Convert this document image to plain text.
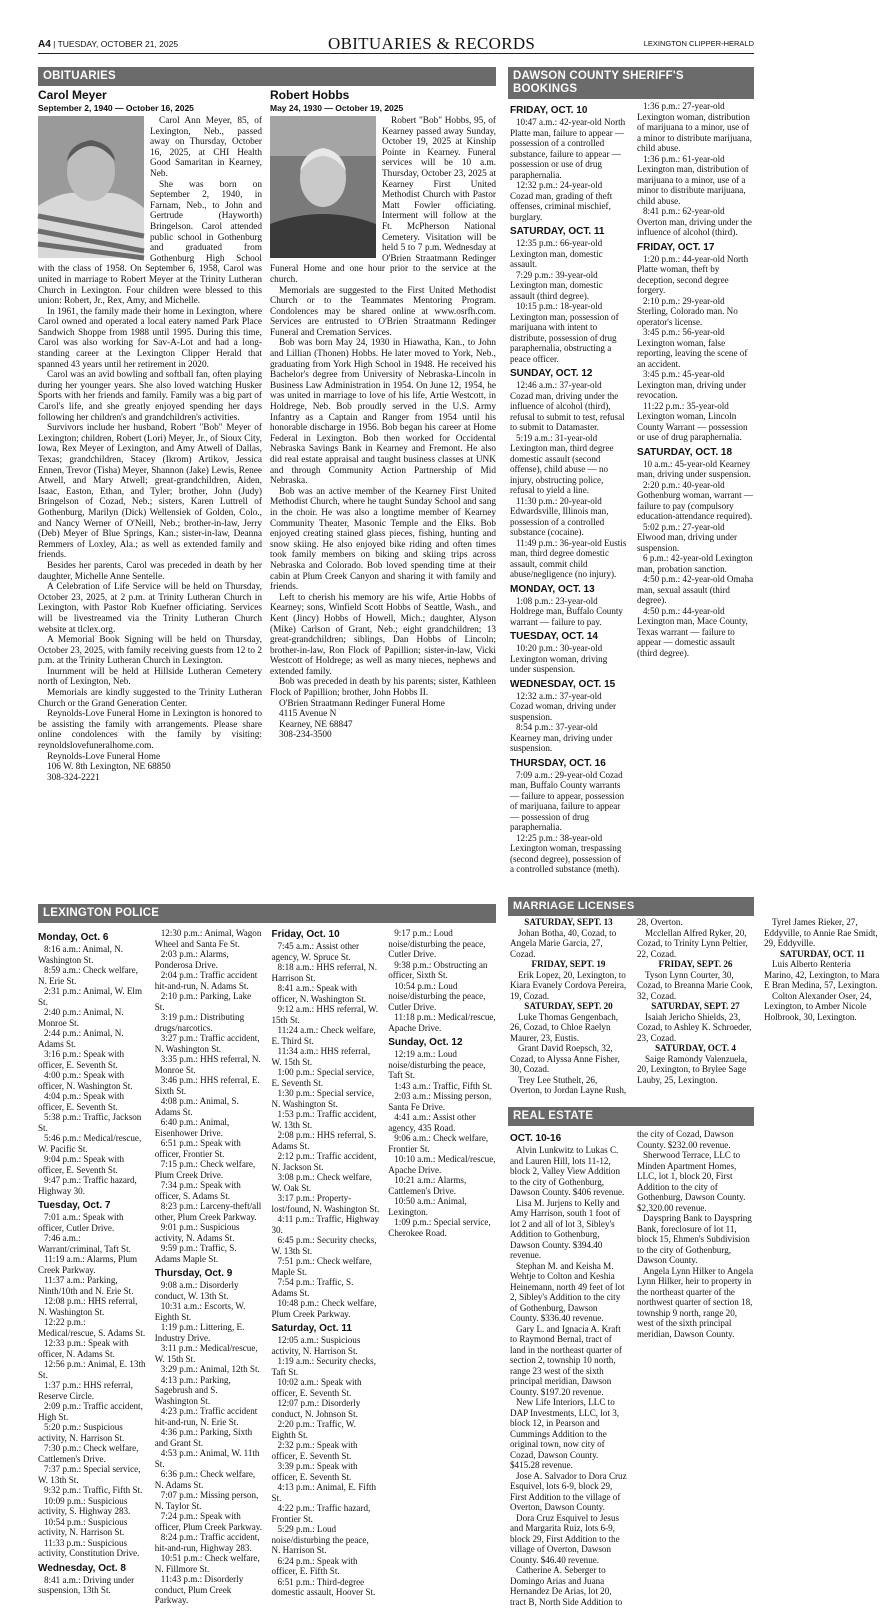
A4 | TUESDAY, OCTOBER 21, 2025	OBITUARIES & RECORDS	LEXINGTON CLIPPER-HERALD
OBITUARIES
Carol Meyer
September 2, 1940 — October 16, 2025

Carol Ann Meyer, 85, of Lexington, Neb., passed away on Thursday, October 16, 2025, at CHI Health Good Samaritan in Kearney, Neb.

She was born on September 2, 1940, in Farnam, Neb., to John and Gertrude (Hayworth) Bringelson. Carol attended public school in Gothenburg and graduated from Gothenburg High School with the class of 1958. On September 6, 1958, Carol was united in marriage to Robert Meyer at the Trinity Lutheran Church in Lexington. Four children were blessed to this union: Robert, Jr., Rex, Amy, and Michelle.

In 1961, the family made their home in Lexington, where Carol owned and operated a local eatery named Park Place Sandwich Shoppe from 1988 until 1995. During this time, Carol was also working for Sav-A-Lot and had a long-standing career at the Lexington Clipper Herald that spanned 43 years until her retirement in 2020.

Carol was an avid bowling and softball fan, often playing during her younger years. She also loved watching Husker Sports with her friends and family. Family was a big part of Carol's life, and she greatly enjoyed spending her days following her children's and grandchildren's activities.

Survivors include her husband, Robert "Bob" Meyer of Lexington; children, Robert (Lori) Meyer, Jr., of Sioux City, Iowa, Rex Meyer of Lexington, and Amy Atwell of Dallas, Texas; grandchildren, Stacey (Ikrom) Artikov, Jessica Ennen, Trevor (Tisha) Meyer, Shannon (Jake) Lewis, Renee Atwell, and Mary Atwell; great-grandchildren, Aiden, Isaac, Easton, Ethan, and Tyler; brother, John (Judy) Bringelson of Cozad, Neb.; sisters, Karen Luttrell of Gothenburg, Marilyn (Dick) Wellensiek of Golden, Colo., and Nancy Werner of O'Neill, Neb.; brother-in-law, Jerry (Deb) Meyer of Blue Springs, Kan.; sister-in-law, Deanna Remmers of Loxley, Ala.; as well as extended family and friends.

Besides her parents, Carol was preceded in death by her daughter, Michelle Anne Sentelle.

A Celebration of Life Service will be held on Thursday, October 23, 2025, at 2 p.m. at Trinity Lutheran Church in Lexington, with Pastor Rob Kuefner officiating. Services will be livestreamed via the Trinity Lutheran Church website at tlclex.org.

A Memorial Book Signing will be held on Thursday, October 23, 2025, with family receiving guests from 12 to 2 p.m. at the Trinity Lutheran Church in Lexington.

Inurnment will be held at Hillside Lutheran Cemetery north of Lexington, Neb.

Memorials are kindly suggested to the Trinity Lutheran Church or the Grand Generation Center.

Reynolds-Love Funeral Home in Lexington is honored to be assisting the family with arrangements. Please share online condolences with the family by visiting: reynoldslovefuneralhome.com.

Reynolds-Love Funeral Home

106 W. 8th Lexington, NE 68850

308-324-2221

Robert Hobbs
May 24, 1930 — October 19, 2025

Robert "Bob" Hobbs, 95, of Kearney passed away Sunday, October 19, 2025 at Kinship Pointe in Kearney. Funeral services will be 10 a.m. Thursday, October 23, 2025 at Kearney First United Methodist Church with Pastor Matt Fowler officiating. Interment will follow at the Ft. McPherson National Cemetery. Visitation will be held 5 to 7 p.m. Wednesday at O'Brien Straatmann Redinger Funeral Home and one hour prior to the service at the church.

Memorials are suggested to the First United Methodist Church or to the Teammates Mentoring Program. Condolences may be shared online at www.osrfh.com. Services are entrusted to O'Brien Straatmann Redinger Funeral and Cremation Services.

Bob was born May 24, 1930 in Hiawatha, Kan., to John and Lillian (Thonen) Hobbs. He later moved to York, Neb., graduating from York High School in 1948. He received his Bachelor's degree from University of Nebraska-Lincoln in Business Law Administration in 1954. On June 12, 1954, he was united in marriage to love of his life, Artie Westcott, in Holdrege, Neb. Bob proudly served in the U.S. Army Infantry as a Captain and Ranger from 1954 until his honorable discharge in 1956. Bob began his career at Home Federal in Lexington. Bob then worked for Occidental Nebraska Savings Bank in Kearney and Fremont. He also did real estate appraisal and taught business classes at UNK and through Community Action Partnership of Mid Nebraska.

Bob was an active member of the Kearney First United Methodist Church, where he taught Sunday School and sang in the choir. He was also a longtime member of Kearney Community Theater, Masonic Temple and the Elks. Bob enjoyed creating stained glass pieces, fishing, hunting and snow skiing. He also enjoyed bike riding and often times took family members on biking and skiing trips across Nebraska and Colorado. Bob loved spending time at their cabin at Plum Creek Canyon and sharing it with family and friends.

Left to cherish his memory are his wife, Artie Hobbs of Kearney; sons, Winfield Scott Hobbs of Seattle, Wash., and Kent (Jincy) Hobbs of Howell, Mich.; daughter, Alyson (Mike) Carlson of Grant, Neb.; eight grandchildren; 13 great-grandchildren; siblings, Dan Hobbs of Lincoln; brother-in-law, Ron Flock of Papillion; sister-in-law, Vicki Westcott of Holdrege; as well as many nieces, nephews and extended family.

Bob was preceded in death by his parents; sister, Kathleen Flock of Papillion; brother, John Hobbs II.

O'Brien Straatmann Redinger Funeral Home

4115 Avenue N

Kearney, NE 68847

308-234-3500

DAWSON COUNTY SHERIFF'S BOOKINGS
FRIDAY, OCT. 10
10:47 a.m.: 42-year-old North Platte man, failure to appear — possession of a controlled substance, failure to appear — possession or use of drug paraphernalia.
12:32 p.m.: 24-year-old Cozad man, grading of theft offenses, criminal mischief, burglary.
SATURDAY, OCT. 11
12:35 p.m.: 66-year-old Lexington man, domestic assault.
7:29 p.m.: 39-year-old Lexington man, domestic assault (third degree).
10:15 p.m.: 18-year-old Lexington man, possession of marijuana with intent to distribute, possession of drug paraphernalia, obstructing a peace officer.
SUNDAY, OCT. 12
12:46 a.m.: 37-year-old Cozad man, driving under the influence of alcohol (third), refusal to submit to test, refusal to submit to Datamaster.
5:19 a.m.: 31-year-old Lexington man, third degree domestic assault (second offense), child abuse — no injury, obstructing police, refusal to yield a line.
11:30 p.m.: 20-year-old Edwardsville, Illinois man, possession of a controlled substance (cocaine).
11:49 p.m.: 36-year-old Eustis man, third degree domestic assault, commit child abuse/negligence (no injury).
MONDAY, OCT. 13
1:08 p.m.: 23-year-old Holdrege man, Buffalo County warrant — failure to pay.
TUESDAY, OCT. 14
10:20 p.m.: 30-year-old Lexington woman, driving under suspension.
WEDNESDAY, OCT. 15
12:32 a.m.: 37-year-old Cozad woman, driving under suspension.
8:54 p.m.: 37-year-old Kearney man, driving under suspension.
THURSDAY, OCT. 16
7:09 a.m.: 29-year-old Cozad man, Buffalo County warrants — failure to appear, possession of marijuana, failure to appear — possession of drug paraphernalia.
12:25 p.m.: 38-year-old Lexington woman, trespassing (second degree), possession of a controlled substance (meth).
1:36 p.m.: 27-year-old Lexington woman, distribution of marijuana to a minor, use of a minor to distribute marijuana, child abuse.
1:36 p.m.: 61-year-old Lexington man, distribution of marijuana to a minor, use of a minor to distribute marijuana, child abuse.
8:41 p.m.: 62-year-old Overton man, driving under the influence of alcohol (third).
FRIDAY, OCT. 17
1:20 p.m.: 44-year-old North Platte woman, theft by deception, second degree forgery.
2:10 p.m.: 29-year-old Sterling, Colorado man. No operator's license.
3:45 p.m.: 56-year-old Lexington woman, false reporting, leaving the scene of an accident.
3:45 p.m.: 45-year-old Lexington man, driving under revocation.
11:22 p.m.: 35-year-old Lexington woman, Lincoln County Warrant — possession or use of drug paraphernalia.
SATURDAY, OCT. 18
10 a.m.: 45-year-old Kearney man, driving under suspension.
2:20 p.m.: 40-year-old Gothenburg woman, warrant — failure to pay (compulsory education-attendance required).
5:02 p.m.: 27-year-old Elwood man, driving under suspension.
6 p.m.: 42-year-old Lexington man, probation sanction.
4:50 p.m.: 42-year-old Omaha man, sexual assault (third degree).
4:50 p.m.: 44-year-old Lexington man, Mace County, Texas warrant — failure to appear — domestic assault (third degree).
MARRIAGE LICENSES
SATURDAY, SEPT. 13
Johan Botha, 40, Cozad, to Angela Marie Garcia, 27, Cozad.
FRIDAY, SEPT. 19
Erik Lopez, 20, Lexington, to Kiara Evanely Cordova Pereira, 19, Cozad.
SATURDAY, SEPT. 20
Luke Thomas Gengenbach, 26, Cozad, to Chloe Raelyn Maurer, 23, Eustis.
Grant David Roepsch, 32, Cozad, to Alyssa Anne Fisher, 30, Cozad.
Trey Lee Stuthelt, 26, Overton, to Jordan Layne Rush, 28, Overton.
Mcclellan Alfred Ryker, 20, Cozad, to Trinity Lynn Peltier, 22, Cozad.
FRIDAY, SEPT. 26
Tyson Lynn Courter, 30, Cozad, to Breanna Marie Cook, 32, Cozad.
SATURDAY, SEPT. 27
Isaiah Jericho Shields, 23, Cozad, to Ashley K. Schroeder, 23, Cozad.
SATURDAY, OCT. 4
Saige Ramondy Valenzuela, 20, Lexington, to Brylee Sage Lauby, 25, Lexington.
Tyrel James Rieker, 27, Eddyville, to Annie Rae Smidt, 29, Eddyville.
SATURDAY, OCT. 11
Luis Alberto Renteria Marino, 42, Lexington, to Mara E Bran Medina, 57, Lexington.
Colton Alexander Oser, 24, Lexington, to Amber Nicole Holbrook, 30, Lexington.
LEXINGTON POLICE
Monday, Oct. 6
8:16 a.m.: Animal, N. Washington St.
8:59 a.m.: Check welfare, N. Erie St.
2:31 p.m.: Animal, W. Elm St.
2:40 p.m.: Animal, N. Monroe St.
2:44 p.m.: Animal, N. Adams St.
3:16 p.m.: Speak with officer, E. Seventh St.
4:00 p.m.: Speak with officer, N. Washington St.
4:04 p.m.: Speak with officer, E. Seventh St.
5:38 p.m.: Traffic, Jackson St.
5:46 p.m.: Medical/rescue, W. Pacific St.
9:04 p.m.: Speak with officer, E. Seventh St.
9:47 p.m.: Traffic hazard, Highway 30.
Tuesday, Oct. 7
7:01 a.m.: Speak with officer, Cutler Drive.
7:46 a.m.: Warrant/criminal, Taft St.
11:19 a.m.: Alarms, Plum Creek Parkway.
11:37 a.m.: Parking, Ninth/10th and N. Erie St.
12:08 p.m.: HHS referral, N. Washington St.
12:22 p.m.: Medical/rescue, S. Adams St.
12:33 p.m.: Speak with officer, N. Adams St.
12:56 p.m.: Animal, E. 13th St.
1:37 p.m.: HHS referral, Reserve Circle.
2:09 p.m.: Traffic accident, High St.
5:20 p.m.: Suspicious activity, N. Harrison St.
7:30 p.m.: Check welfare, Cattlemen's Drive.
7:37 p.m.: Special service, W. 13th St.
9:32 p.m.: Traffic, Fifth St.
10:09 p.m.: Suspicious activity, S. Highway 283.
10:54 p.m.: Suspicious activity, N. Harrison St.
11:33 p.m.: Suspicious activity, Constitution Drive.
Wednesday, Oct. 8
8:41 a.m.: Driving under suspension, 13th St.
12:30 p.m.: Animal, Wagon Wheel and Santa Fe St.
2:03 p.m.: Alarms, Ponderosa Drive.
2:04 p.m.: Traffic accident hit-and-run, N. Adams St.
2:10 p.m.: Parking, Lake St.
3:19 p.m.: Distributing drugs/narcotics.
3:27 p.m.: Traffic accident, N. Washington St.
3:35 p.m.: HHS referral, N. Monroe St.
3:46 p.m.: HHS referral, E. Sixth St.
4:08 p.m.: Animal, S. Adams St.
6:40 p.m.: Animal, Eisenhower Drive.
6:51 p.m.: Speak with officer, Frontier St.
7:15 p.m.: Check welfare, Plum Creek Drive.
7:34 p.m.: Speak with officer, S. Adams St.
8:23 p.m.: Larceny-theft/all other, Plum Creek Parkway.
9:01 p.m.: Suspicious activity, N. Adams St.
9:59 p.m.: Traffic, S. Adams Maple St.
Thursday, Oct. 9
9:08 a.m.: Disorderly conduct, W. 13th St.
10:31 a.m.: Escorts, W. Eighth St.
1:19 p.m.: Littering, E. Industry Drive.
3:11 p.m.: Medical/rescue, W. 15th St.
3:29 p.m.: Animal, 12th St.
4:13 p.m.: Parking, Sagebrush and S. Washington St.
4:23 p.m.: Traffic accident hit-and-run, N. Erie St.
4:36 p.m.: Parking, Sixth and Grant St.
4:53 p.m.: Animal, W. 11th St.
6:36 p.m.: Check welfare, N. Adams St.
7:07 p.m.: Missing person, N. Taylor St.
7:24 p.m.: Speak with officer, Plum Creek Parkway.
8:24 p.m.: Traffic accident, hit-and-run, Highway 283.
10:51 p.m.: Check welfare, N. Fillmore St.
11:43 p.m.: Disorderly conduct, Plum Creek Parkway.
Friday, Oct. 10
7:45 a.m.: Assist other agency, W. Spruce St.
8:18 a.m.: HHS referral, N. Harrison St.
8:41 a.m.: Speak with officer, N. Washington St.
9:12 a.m.: HHS referral, W. 15th St.
11:24 a.m.: Check welfare, E. Third St.
11:34 a.m.: HHS referral, W. 15th St.
1:00 p.m.: Special service, E. Seventh St.
1:30 p.m.: Special service, N. Washington St.
1:53 p.m.: Traffic accident, W. 13th St.
2:08 p.m.: HHS referral, S. Adams St.
2:12 p.m.: Traffic accident, N. Jackson St.
3:08 p.m.: Check welfare, W. Oak St.
3:17 p.m.: Property-lost/found, N. Washington St.
4:11 p.m.: Traffic, Highway 30.
6:45 p.m.: Security checks, W. 13th St.
7:51 p.m.: Check welfare, Maple St.
7:54 p.m.: Traffic, S. Adams St.
10:48 p.m.: Check welfare, Plum Creek Parkway.
Saturday, Oct. 11
12:05 a.m.: Suspicious activity, N. Harrison St.
1:19 a.m.: Security checks, Taft St.
10:02 a.m.: Speak with officer, E. Seventh St.
12:07 p.m.: Disorderly conduct, N. Johnson St.
2:20 p.m.: Traffic, W. Eighth St.
2:32 p.m.: Speak with officer, E. Seventh St.
3:39 p.m.: Speak with officer, E. Seventh St.
4:13 p.m.: Animal, E. Fifth St.
4:22 p.m.: Traffic hazard, Frontier St.
5:29 p.m.: Loud noise/disturbing the peace, N. Harrison St.
6:24 p.m.: Speak with officer, E. Fifth St.
6:51 p.m.: Third-degree domestic assault, Hoover St.
9:17 p.m.: Loud noise/disturbing the peace, Cutler Drive.
9:38 p.m.: Obstructing an officer, Sixth St.
10:54 p.m.: Loud noise/disturbing the peace, Cutler Drive.
11:18 p.m.: Medical/rescue, Apache Drive.
Sunday, Oct. 12
12:19 a.m.: Loud noise/disturbing the peace, Taft St.
1:43 a.m.: Traffic, Fifth St.
2:03 a.m.: Missing person, Santa Fe Drive.
4:41 a.m.: Assist other agency, 435 Road.
9:06 a.m.: Check welfare, Frontier St.
10:10 a.m.: Medical/rescue, Apache Drive.
10:21 a.m.: Alarms, Cattlemen's Drive.
10:50 a.m.: Animal, Lexington.
1:09 p.m.: Special service, Cherokee Road.
REAL ESTATE
OCT. 10-16
Alvin Lunkwitz to Lukas C. and Lauren Hill, lots 11-12, block 2, Valley View Addition to the city of Gothenburg, Dawson County. $406 revenue.
Lisa M. Jurjens to Kelly and Amy Harrison, south 1 foot of lot 2 and all of lot 3, Sibley's Addition to Gothenburg, Dawson County. $394.40 revenue.
Stephan M. and Keisha M. Wehtje to Colton and Keshia Heinemann, north 49 feet of lot 2, Sibley's Addition to the city of Gothenburg, Dawson County. $336.40 revenue.
Gary L. and Ignacia A. Kraft to Raymond Bernal, tract of land in the northeast quarter of section 2, township 10 north, range 23 west of the sixth principal meridian, Dawson County. $197.20 revenue.
New Life Interiors, LLC to DAP Investments, LLC, lot 3, block 12, in Pearson and Cummings Addition to the original town, now city of Cozad, Dawson County. $415.28 revenue.
Jose A. Salvador to Dora Cruz Esquivel, lots 6-9, block 29, First Addition to the village of Overton, Dawson County.
Dora Cruz Esquivel to Jesus and Margarita Ruiz, lots 6-9, block 29, First Addition to the village of Overton, Dawson County. $46.40 revenue.
Catherine A. Seberger to Domingo Arias and Juana Hernandez De Arias, lot 20, tract B, North Side Addition to the city of Cozad, Dawson County. $232.00 revenue.
Sherwood Terrace, LLC to Minden Apartment Homes, LLC, lot 1, block 20, First Addition to the city of Gothenburg, Dawson County. $2,320.00 revenue.
Dayspring Bank to Dayspring Bank, foreclosure of lot 11, block 15, Ehmen's Subdivision to the city of Gothenburg, Dawson County.
Angela Lynn Hilker to Angela Lynn Hilker, heir to property in the northeast quarter of the northwest quarter of section 18, township 9 north, range 20, west of the sixth principal meridian, Dawson County.
